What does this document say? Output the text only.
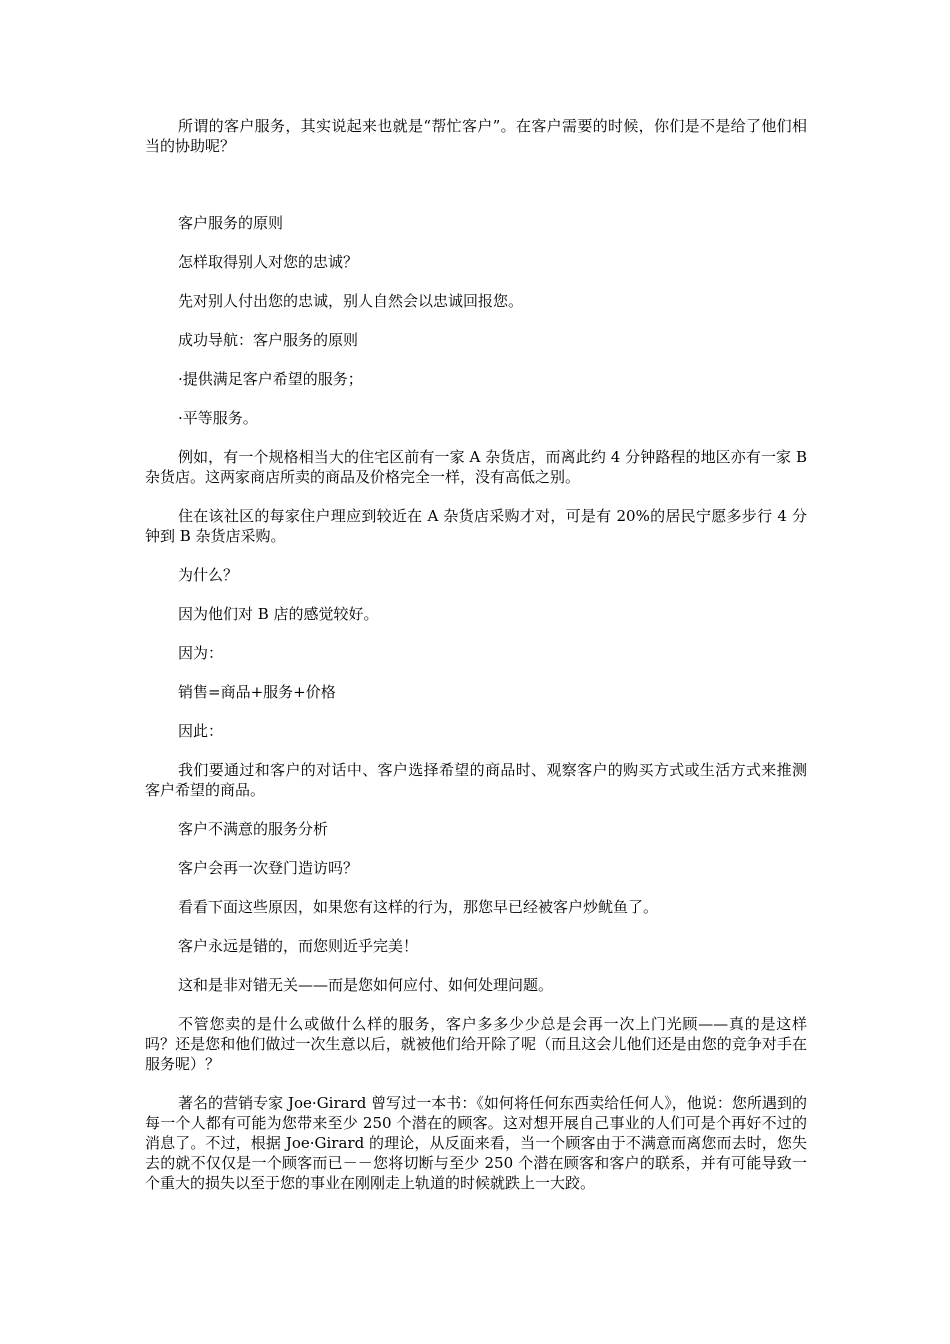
所谓的客户服务，其实说起来也就是“帮忙客户”。在客户需要的时候，你们是不是给了他们相当的协助呢？

客户服务的原则

怎样取得别人对您的忠诚？

先对别人付出您的忠诚，别人自然会以忠诚回报您。

成功导航：客户服务的原则

·提供满足客户希望的服务；

·平等服务。

例如，有一个规格相当大的住宅区前有一家 A 杂货店，而离此约 4 分钟路程的地区亦有一家 B 杂货店。这两家商店所卖的商品及价格完全一样，没有高低之别。

住在该社区的每家住户理应到较近在 A 杂货店采购才对，可是有 20%的居民宁愿多步行 4 分钟到 B 杂货店采购。

为什么？

因为他们对 B 店的感觉较好。

因为：

销售=商品+服务+价格

因此：

我们要通过和客户的对话中、客户选择希望的商品时、观察客户的购买方式或生活方式来推测客户希望的商品。

客户不满意的服务分析

客户会再一次登门造访吗？

看看下面这些原因，如果您有这样的行为，那您早已经被客户炒鱿鱼了。

客户永远是错的，而您则近乎完美！

这和是非对错无关——而是您如何应付、如何处理问题。

不管您卖的是什么或做什么样的服务，客户多多少少总是会再一次上门光顾——真的是这样吗？还是您和他们做过一次生意以后，就被他们给开除了呢（而且这会儿他们还是由您的竞争对手在服务呢）？

著名的营销专家 Joe·Girard 曾写过一本书：《如何将任何东西卖给任何人》，他说：您所遇到的每一个人都有可能为您带来至少 250 个潜在的顾客。这对想开展自己事业的人们可是个再好不过的消息了。不过，根据 Joe·Girard 的理论，从反面来看，当一个顾客由于不满意而离您而去时，您失去的就不仅仅是一个顾客而已－－您将切断与至少 250 个潜在顾客和客户的联系，并有可能导致一个重大的损失以至于您的事业在刚刚走上轨道的时候就跌上一大跤。
